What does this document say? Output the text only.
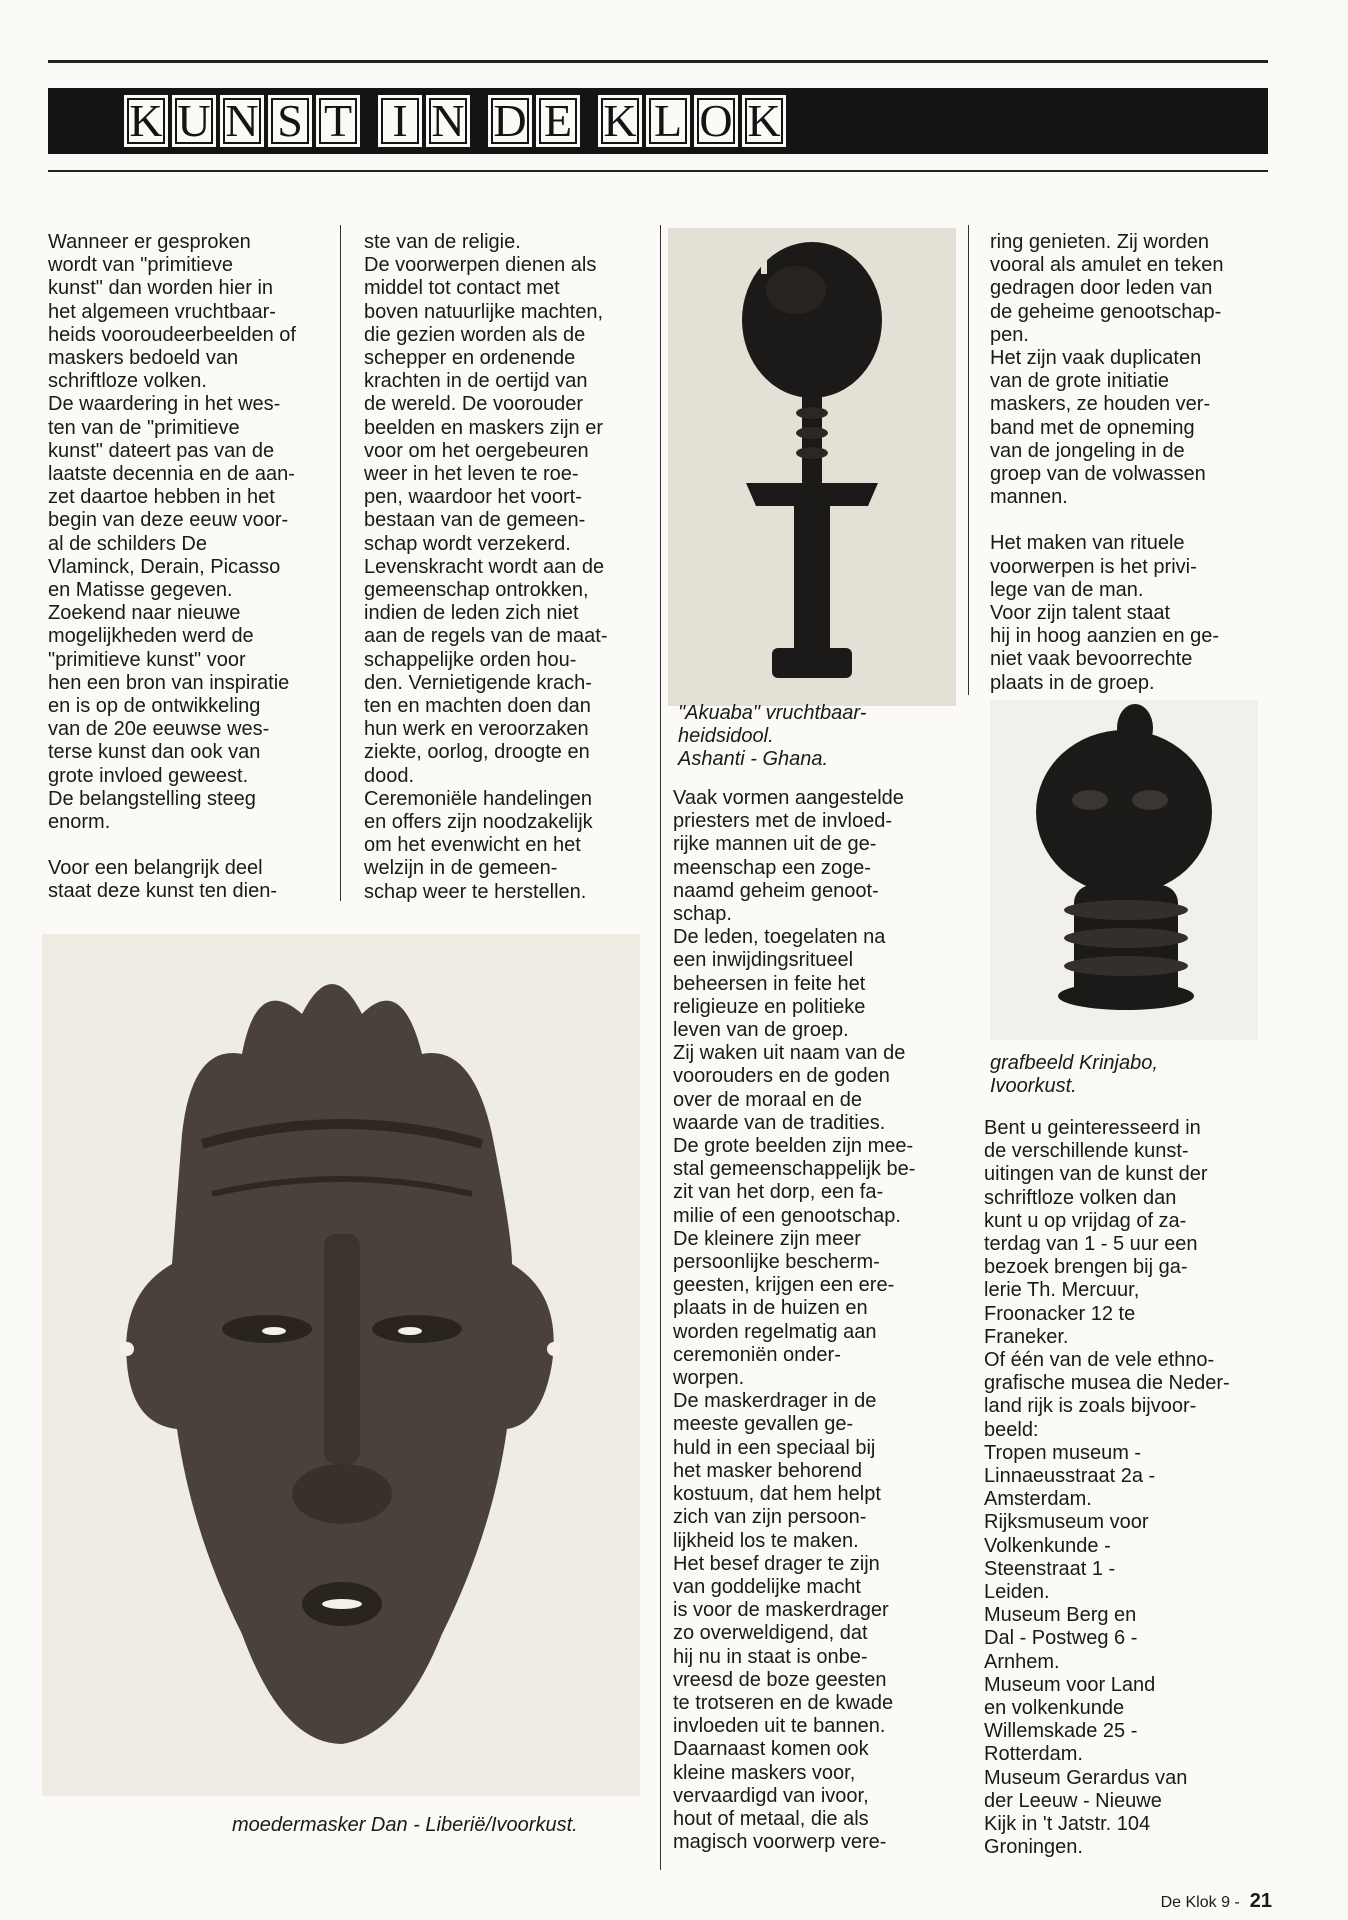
K U N S T I N D E K L O K

Wanneer er gesproken
wordt van "primitieve
kunst" dan worden hier in
het algemeen vruchtbaar-
heids vooroudeerbeelden of
maskers bedoeld van
schriftloze volken.
De waardering in het wes-
ten van de "primitieve
kunst" dateert pas van de
laatste decennia en de aan-
zet daartoe hebben in het
begin van deze eeuw voor-
al de schilders De
Vlaminck, Derain, Picasso
en Matisse gegeven.
Zoekend naar nieuwe
mogelijkheden werd de
"primitieve kunst" voor
hen een bron van inspiratie
en is op de ontwikkeling
van de 20e eeuwse wes-
terse kunst dan ook van
grote invloed geweest.
De belangstelling steeg
enorm.

Voor een belangrijk deel
staat deze kunst ten dien-

ste van de religie.
De voorwerpen dienen als
middel tot contact met
boven natuurlijke machten,
die gezien worden als de
schepper en ordenende
krachten in de oertijd van
de wereld. De voorouder
beelden en maskers zijn er
voor om het oergebeuren
weer in het leven te roe-
pen, waardoor het voort-
bestaan van de gemeen-
schap wordt verzekerd.
Levenskracht wordt aan de
gemeenschap ontrokken,
indien de leden zich niet
aan de regels van de maat-
schappelijke orden hou-
den. Vernietigende krach-
ten en machten doen dan
hun werk en veroorzaken
ziekte, oorlog, droogte en
dood.
Ceremoniële handelingen
en offers zijn noodzakelijk
om het evenwicht en het
welzijn in de gemeen-
schap weer te herstellen.

"Akuaba" vruchtbaar-
heidsidool.
Ashanti - Ghana.

Vaak vormen aangestelde
priesters met de invloed-
rijke mannen uit de ge-
meenschap een zoge-
naamd geheim genoot-
schap.
De leden, toegelaten na
een inwijdingsritueel
beheersen in feite het
religieuze en politieke
leven van de groep.
Zij waken uit naam van de
voorouders en de goden
over de moraal en de
waarde van de tradities.
De grote beelden zijn mee-
stal gemeenschappelijk be-
zit van het dorp, een fa-
milie of een genootschap.
De kleinere zijn meer
persoonlijke bescherm-
geesten, krijgen een ere-
plaats in de huizen en
worden regelmatig aan
ceremoniën onder-
worpen.
De maskerdrager in de
meeste gevallen ge-
huld in een speciaal bij
het masker behorend
kostuum, dat hem helpt
zich van zijn persoon-
lijkheid los te maken.
Het besef drager te zijn
van goddelijke macht
is voor de maskerdrager
zo overweldigend, dat
hij nu in staat is onbe-
vreesd de boze geesten
te trotseren en de kwade
invloeden uit te bannen.
Daarnaast komen ook
kleine maskers voor,
vervaardigd van ivoor,
hout of metaal, die als
magisch voorwerp vere-

ring genieten. Zij worden
vooral als amulet en teken
gedragen door leden van
de geheime genootschap-
pen.
Het zijn vaak duplicaten
van de grote initiatie
maskers, ze houden ver-
band met de opneming
van de jongeling in de
groep van de volwassen
mannen.

Het maken van rituele
voorwerpen is het privi-
lege van de man.
Voor zijn talent staat
hij in hoog aanzien en ge-
niet vaak bevoorrechte
plaats in de groep.

grafbeeld Krinjabo,
Ivoorkust.

Bent u geinteresseerd in
de verschillende kunst-
uitingen van de kunst der
schriftloze volken dan
kunt u op vrijdag of za-
terdag van 1 - 5 uur een
bezoek brengen bij ga-
lerie Th. Mercuur,
Froonacker 12 te
Franeker.
Of één van de vele ethno-
grafische musea die Neder-
land rijk is zoals bijvoor-
beeld:
Tropen museum -
Linnaeusstraat 2a -
Amsterdam.
Rijksmuseum voor
Volkenkunde -
Steenstraat 1 -
Leiden.
Museum Berg en
Dal - Postweg 6 -
Arnhem.
Museum voor Land
en volkenkunde
Willemskade 25 -
Rotterdam.
Museum Gerardus van
der Leeuw - Nieuwe
Kijk in 't Jatstr. 104
Groningen.

moedermasker Dan - Liberië/Ivoorkust.
De Klok 9 - 21
